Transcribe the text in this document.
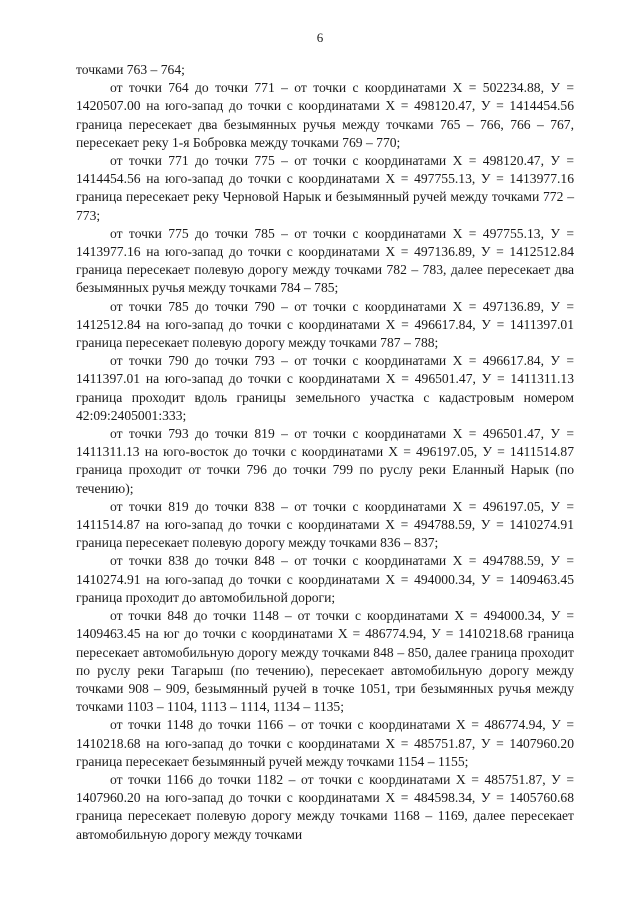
6

точками 763 – 764;

от точки 764 до точки 771 – от точки с координатами Х = 502234.88, У = 1420507.00 на юго-запад до точки с координатами Х = 498120.47, У = 1414454.56 граница пересекает два безымянных ручья между точками 765 – 766, 766 – 767, пересекает реку 1-я Бобровка между точками 769 – 770;

от точки 771 до точки 775 – от точки с координатами Х = 498120.47, У = 1414454.56 на юго-запад до точки с координатами Х = 497755.13, У = 1413977.16 граница пересекает реку Черновой Нарык и безымянный ручей между точками 772 – 773;

от точки 775 до точки 785 – от точки с координатами Х = 497755.13, У = 1413977.16 на юго-запад до точки с координатами Х = 497136.89, У = 1412512.84 граница пересекает полевую дорогу между точками 782 – 783, далее пересекает два безымянных ручья между точками 784 – 785;

от точки 785 до точки 790 – от точки с координатами Х = 497136.89, У = 1412512.84 на юго-запад до точки с координатами Х = 496617.84, У = 1411397.01 граница пересекает полевую дорогу между точками 787 – 788;

от точки 790 до точки 793 – от точки с координатами Х = 496617.84, У = 1411397.01 на юго-запад до точки с координатами Х = 496501.47, У = 1411311.13 граница проходит вдоль границы земельного участка с кадастровым номером 42:09:2405001:333;

от точки 793 до точки 819 – от точки с координатами Х = 496501.47, У = 1411311.13 на юго-восток до точки с координатами Х = 496197.05, У = 1411514.87 граница проходит от точки 796 до точки 799 по руслу реки Еланный Нарык (по течению);

от точки 819 до точки 838 – от точки с координатами Х = 496197.05, У = 1411514.87 на юго-запад до точки с координатами Х = 494788.59, У = 1410274.91 граница пересекает полевую дорогу между точками 836 – 837;

от точки 838 до точки 848 – от точки с координатами Х = 494788.59, У = 1410274.91 на юго-запад до точки с координатами Х = 494000.34, У = 1409463.45 граница проходит до автомобильной дороги;

от точки 848 до точки 1148 – от точки с координатами Х = 494000.34, У = 1409463.45 на юг до точки с координатами Х = 486774.94, У = 1410218.68 граница пересекает автомобильную дорогу между точками 848 – 850, далее граница проходит по руслу реки Тагарыш (по течению), пересекает автомобильную дорогу между точками 908 – 909, безымянный ручей в точке 1051, три безымянных ручья между точками 1103 – 1104, 1113 – 1114, 1134 – 1135;

от точки 1148 до точки 1166 – от точки с координатами Х = 486774.94, У = 1410218.68 на юго-запад до точки с координатами Х = 485751.87, У = 1407960.20 граница пересекает безымянный ручей между точками 1154 – 1155;

от точки 1166 до точки 1182 – от точки с координатами Х = 485751.87, У = 1407960.20 на юго-запад до точки с координатами Х = 484598.34, У = 1405760.68 граница пересекает полевую дорогу между точками 1168 – 1169, далее пересекает автомобильную дорогу между точками
